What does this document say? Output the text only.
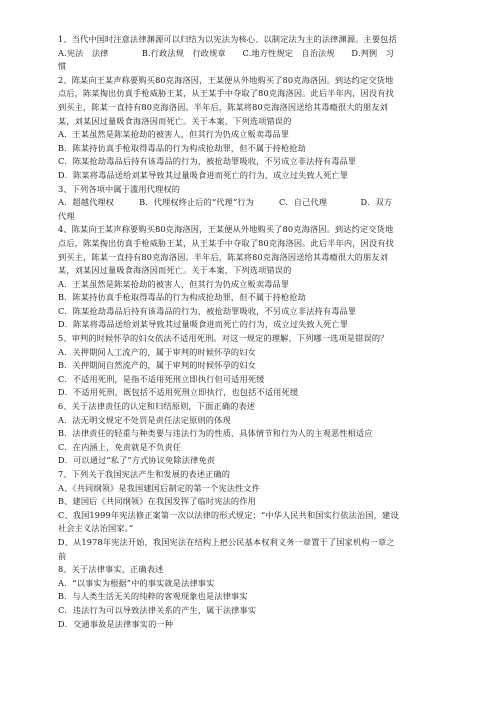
1、当代中国时注意法律渊源可以归结为以宪法为核心、以制定法为主的法律渊源。主要包括
A.宪法　法律　　　　B.行政法规　行政规章　　C.地方性规定　自治法规　　D.判例　习
惯
2、陈某向王某声称要购买80克海洛因，王某便从外地购买了80克海洛因。到达约定交货地
点后，陈某掏出仿真手枪威胁王某，从王某手中夺取了80克海洛因。此后半年内，因没有找
到买主，陈某一直持有80克海洛因。半年后，陈某将80克海洛因送给其毒瘾很大的朋友刘
某，刘某因过量吸食海洛因而死亡。关于本案，下列选项错误的
A．王某虽然是陈某抢劫的被害人，但其行为仍成立贩卖毒品罪
B．陈某持仿真手枪取得毒品的行为构成抢劫罪，但不属于持枪抢劫
C．陈某抢劫毒品后持有该毒品的行为，被抢劫罪吸收，不另成立非法持有毒品罪
D．陈某将毒品送给刘某导致其过量吸食进而死亡的行为，成立过失致人死亡罪
3、下列各项中属于滥用代理权的
A．超越代理权　　　B．代理权终止后的“代理”行为　　　C．自己代理　　　　D．双方
代理
4、陈某向王某声称要购买80克海洛因，王某便从外地购买了80克海洛因。到达约定交货地
点后，陈某掏出仿真手枪威胁王某，从王某手中夺取了80克海洛因。此后半年内，因没有找
到买主，陈某一直持有80克海洛因。半年后，陈某将80克海洛因送给其毒瘾很大的朋友刘
某，刘某因过量吸食海洛因而死亡。关于本案，下列选项错误的
A．王某虽然是陈某抢劫的被害人，但其行为仍成立贩卖毒品罪
B．陈某持仿真手枪取得毒品的行为构成抢劫罪，但不属于持枪抢劫
C．陈某抢劫毒品后持有该毒品的行为，被抢劫罪吸收，不另成立非法持有毒品罪
D．陈某将毒品送给刘某导致其过量吸食进而死亡的行为，成立过失致人死亡罪
5、审判的时候怀孕的妇女依法不适用死刑。对这一规定的理解，下列哪一选项是错误的？
A．关押期间人工流产的，属于审判的时候怀孕的妇女
B．关押期间自然流产的，属于审判的时候怀孕的妇女
C．不适用死刑，是指不适用死刑立即执行但可适用死缓
D．不适用死刑，既包括不适用死刑立即执行，也包括不适用死缓
6、关于法律责任的认定和归结原则，下面正确的表述
A．法无明文规定不处罚是责任法定原则的体现
B．法律责任的轻重与种类要与违法行为的性质、具体情节和行为人的主观恶性相适应
C．在内涵上，免责就是不负责任
D．可以通过“私了”方式协议免除法律免责
7、下列关于我国宪法产生和发展的表述正确的
A、《共同纲领》是我国建国后制定的第一个宪法性文件
B、建国后《共同纲领》在我国发挥了临时宪法的作用
C、我国1999年宪法修正案第一次以法律的形式规定：“中华人民共和国实行依法治国，建设
社会主义法治国家。”
D、从1978年宪法开始，我国宪法在结构上把公民基本权利义务一章置于了国家机构一章之
前
8、关于法律事实，正确表述
A．“以事实为根据”中的事实就是法律事实
B．与人类生活无关的纯粹的客观现象也是法律事实
C．违法行为可以导致法律关系的产生，属于法律事实
D．交通事故是法律事实的一种
